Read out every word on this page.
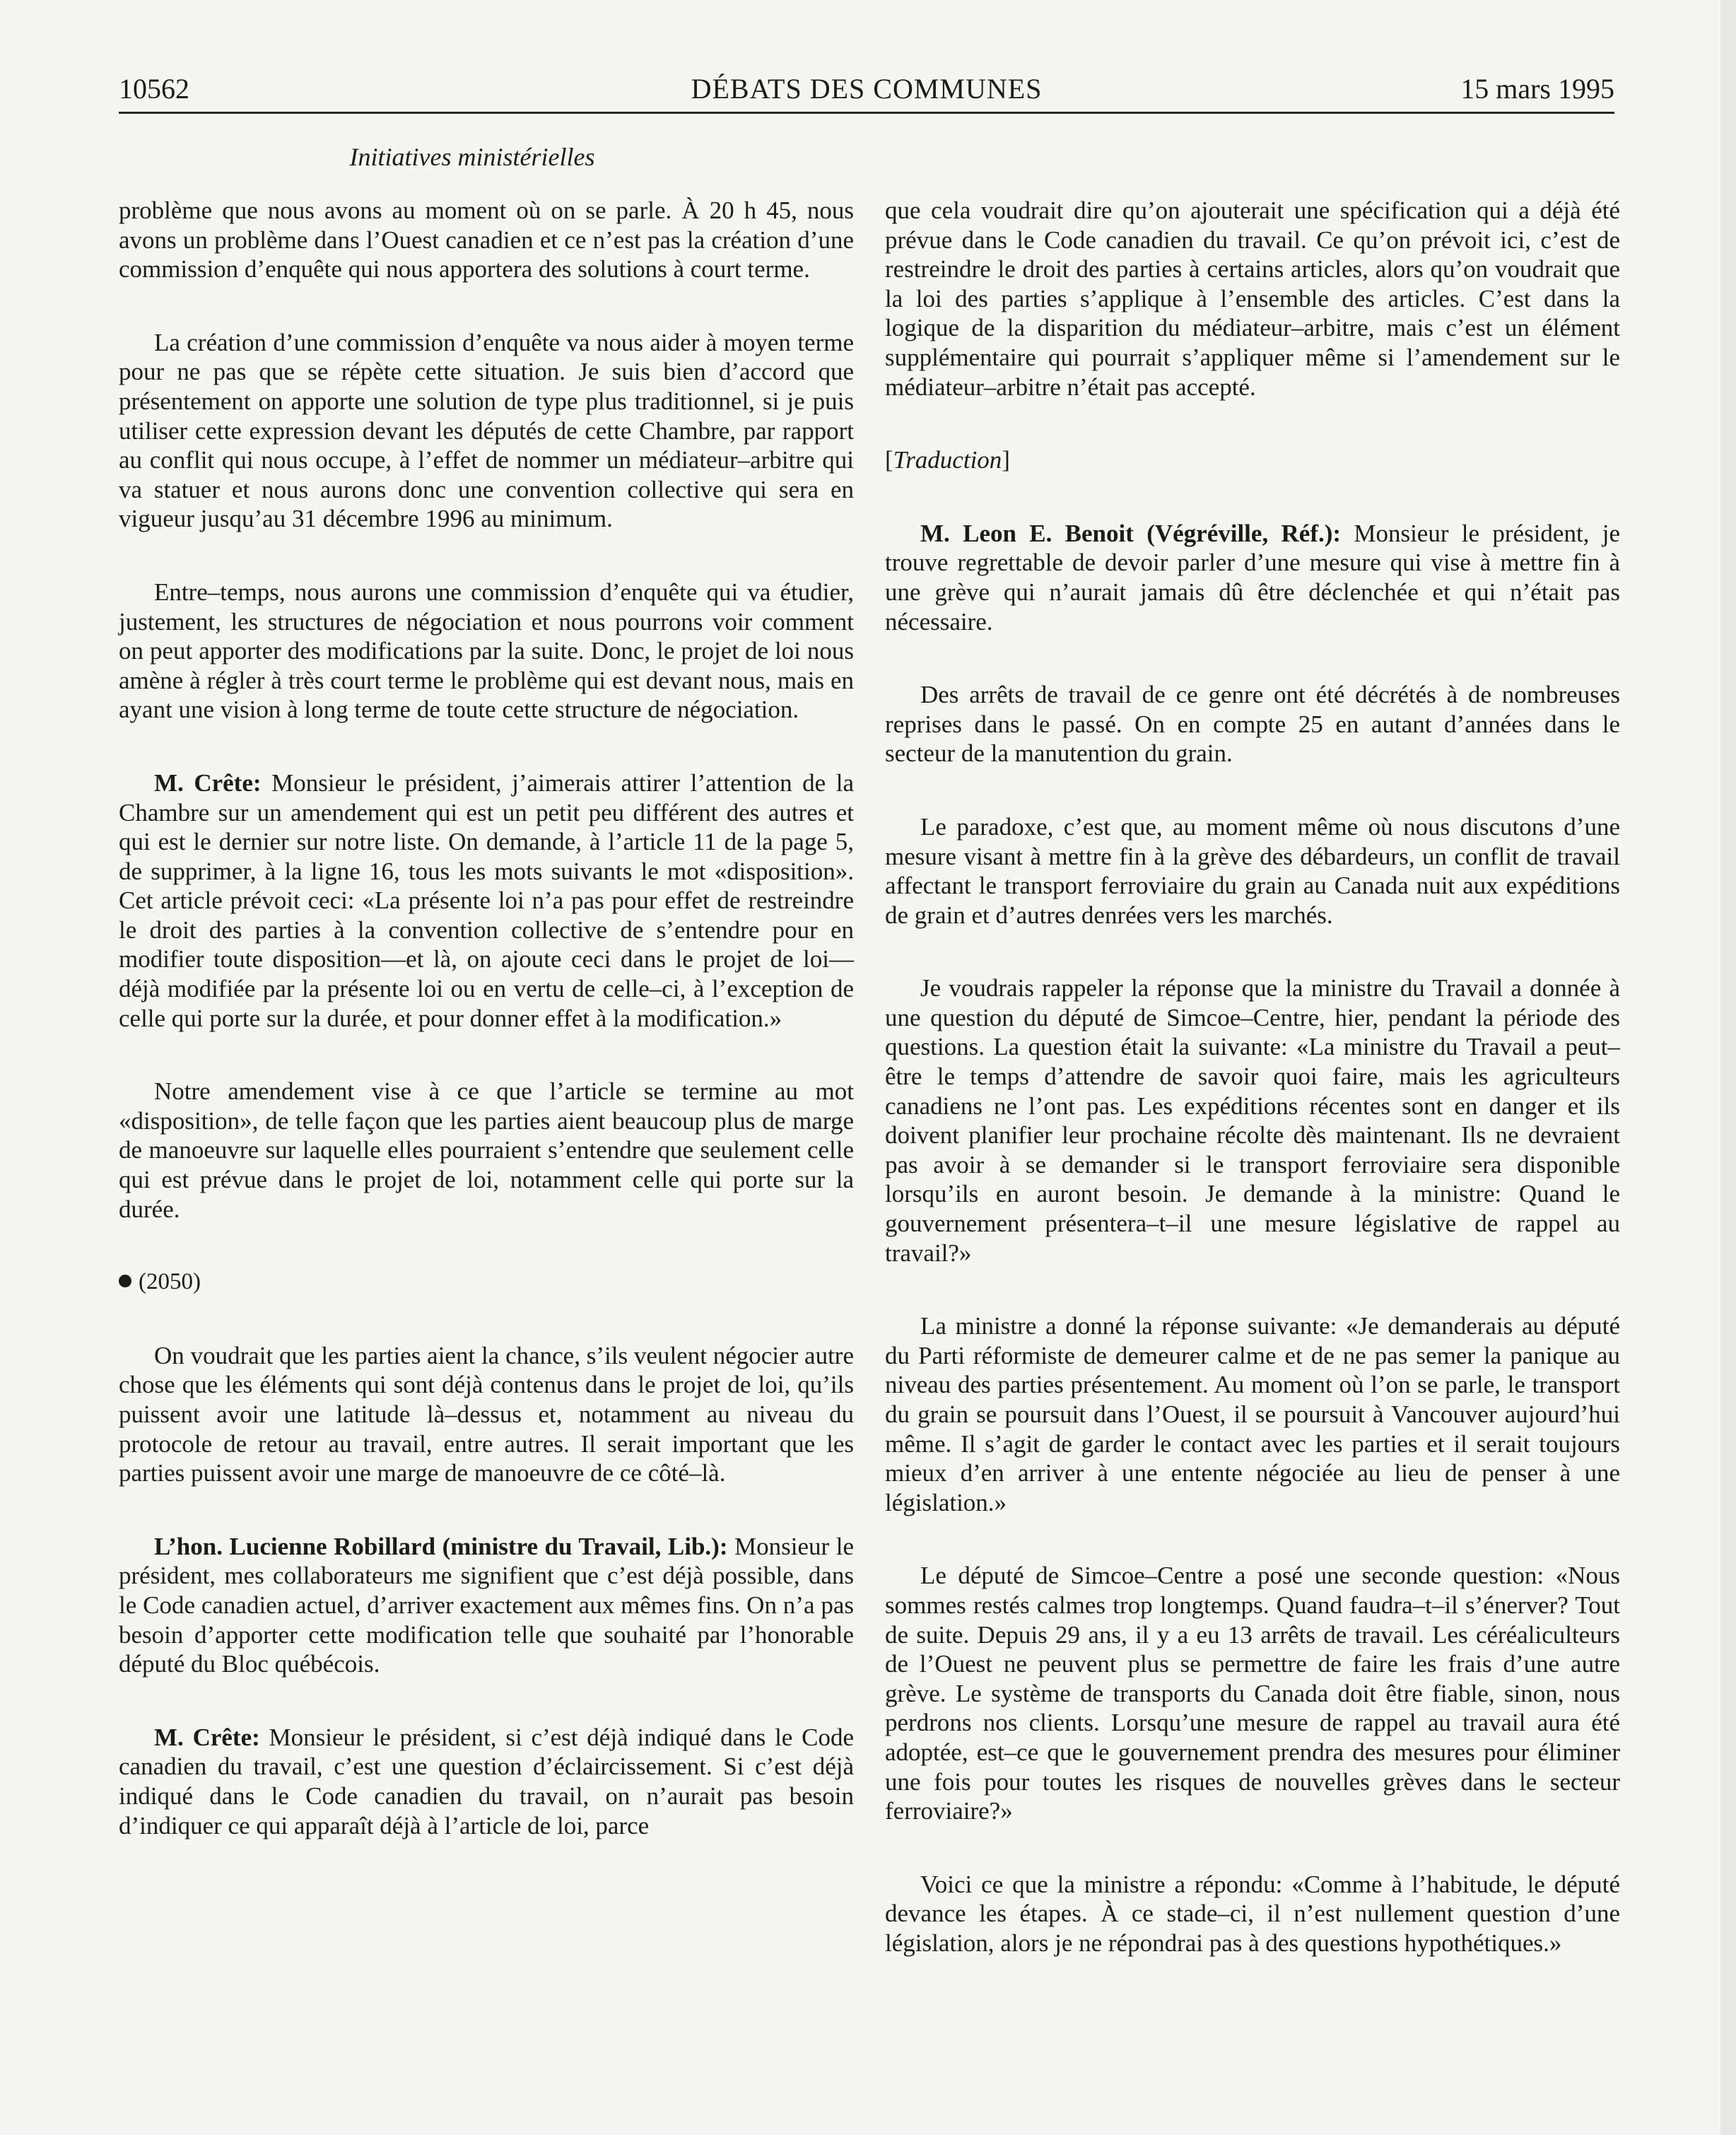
10562	DÉBATS DES COMMUNES	15 mars 1995
Initiatives ministérielles

problème que nous avons au moment où on se parle. À 20 h 45, nous avons un problème dans l’Ouest canadien et ce n’est pas la création d’une commission d’enquête qui nous apportera des solutions à court terme.

La création d’une commission d’enquête va nous aider à moyen terme pour ne pas que se répète cette situation. Je suis bien d’accord que présentement on apporte une solution de type plus traditionnel, si je puis utiliser cette expression devant les députés de cette Chambre, par rapport au conflit qui nous occupe, à l’effet de nommer un médiateur–arbitre qui va statuer et nous aurons donc une convention collective qui sera en vigueur jusqu’au 31 décembre 1996 au minimum.

Entre–temps, nous aurons une commission d’enquête qui va étudier, justement, les structures de négociation et nous pourrons voir comment on peut apporter des modifications par la suite. Donc, le projet de loi nous amène à régler à très court terme le problème qui est devant nous, mais en ayant une vision à long terme de toute cette structure de négociation.

M. Crête: Monsieur le président, j’aimerais attirer l’attention de la Chambre sur un amendement qui est un petit peu différent des autres et qui est le dernier sur notre liste. On demande, à l’article 11 de la page 5, de supprimer, à la ligne 16, tous les mots suivants le mot «disposition». Cet article prévoit ceci: «La présente loi n’a pas pour effet de restreindre le droit des parties à la convention collective de s’entendre pour en modifier toute disposition—et là, on ajoute ceci dans le projet de loi—déjà modifiée par la présente loi ou en vertu de celle–ci, à l’exception de celle qui porte sur la durée, et pour donner effet à la modification.»

Notre amendement vise à ce que l’article se termine au mot «disposition», de telle façon que les parties aient beaucoup plus de marge de manoeuvre sur laquelle elles pourraient s’entendre que seulement celle qui est prévue dans le projet de loi, notamment celle qui porte sur la durée.

(2050)

On voudrait que les parties aient la chance, s’ils veulent négocier autre chose que les éléments qui sont déjà contenus dans le projet de loi, qu’ils puissent avoir une latitude là–dessus et, notamment au niveau du protocole de retour au travail, entre autres. Il serait important que les parties puissent avoir une marge de manoeuvre de ce côté–là.

L’hon. Lucienne Robillard (ministre du Travail, Lib.): Monsieur le président, mes collaborateurs me signifient que c’est déjà possible, dans le Code canadien actuel, d’arriver exactement aux mêmes fins. On n’a pas besoin d’apporter cette modification telle que souhaité par l’honorable député du Bloc québécois.

M. Crête: Monsieur le président, si c’est déjà indiqué dans le Code canadien du travail, c’est une question d’éclaircissement. Si c’est déjà indiqué dans le Code canadien du travail, on n’aurait pas besoin d’indiquer ce qui apparaît déjà à l’article de loi, parce

que cela voudrait dire qu’on ajouterait une spécification qui a déjà été prévue dans le Code canadien du travail. Ce qu’on prévoit ici, c’est de restreindre le droit des parties à certains articles, alors qu’on voudrait que la loi des parties s’applique à l’ensemble des articles. C’est dans la logique de la disparition du médiateur–arbitre, mais c’est un élément supplémentaire qui pourrait s’appliquer même si l’amendement sur le médiateur–arbitre n’était pas accepté.

[Traduction]

M. Leon E. Benoit (Végréville, Réf.): Monsieur le président, je trouve regrettable de devoir parler d’une mesure qui vise à mettre fin à une grève qui n’aurait jamais dû être déclenchée et qui n’était pas nécessaire.

Des arrêts de travail de ce genre ont été décrétés à de nombreuses reprises dans le passé. On en compte 25 en autant d’années dans le secteur de la manutention du grain.

Le paradoxe, c’est que, au moment même où nous discutons d’une mesure visant à mettre fin à la grève des débardeurs, un conflit de travail affectant le transport ferroviaire du grain au Canada nuit aux expéditions de grain et d’autres denrées vers les marchés.

Je voudrais rappeler la réponse que la ministre du Travail a donnée à une question du député de Simcoe–Centre, hier, pendant la période des questions. La question était la suivante: «La ministre du Travail a peut–être le temps d’attendre de savoir quoi faire, mais les agriculteurs canadiens ne l’ont pas. Les expéditions récentes sont en danger et ils doivent planifier leur prochaine récolte dès maintenant. Ils ne devraient pas avoir à se demander si le transport ferroviaire sera disponible lorsqu’ils en auront besoin. Je demande à la ministre: Quand le gouvernement présentera–t–il une mesure législative de rappel au travail?»

La ministre a donné la réponse suivante: «Je demanderais au député du Parti réformiste de demeurer calme et de ne pas semer la panique au niveau des parties présentement. Au moment où l’on se parle, le transport du grain se poursuit dans l’Ouest, il se poursuit à Vancouver aujourd’hui même. Il s’agit de garder le contact avec les parties et il serait toujours mieux d’en arriver à une entente négociée au lieu de penser à une législation.»

Le député de Simcoe–Centre a posé une seconde question: «Nous sommes restés calmes trop longtemps. Quand faudra–t–il s’énerver? Tout de suite. Depuis 29 ans, il y a eu 13 arrêts de travail. Les céréaliculteurs de l’Ouest ne peuvent plus se permettre de faire les frais d’une autre grève. Le système de transports du Canada doit être fiable, sinon, nous perdrons nos clients. Lorsqu’une mesure de rappel au travail aura été adoptée, est–ce que le gouvernement prendra des mesures pour éliminer une fois pour toutes les risques de nouvelles grèves dans le secteur ferroviaire?»

Voici ce que la ministre a répondu: «Comme à l’habitude, le député devance les étapes. À ce stade–ci, il n’est nullement question d’une législation, alors je ne répondrai pas à des questions hypothétiques.»
